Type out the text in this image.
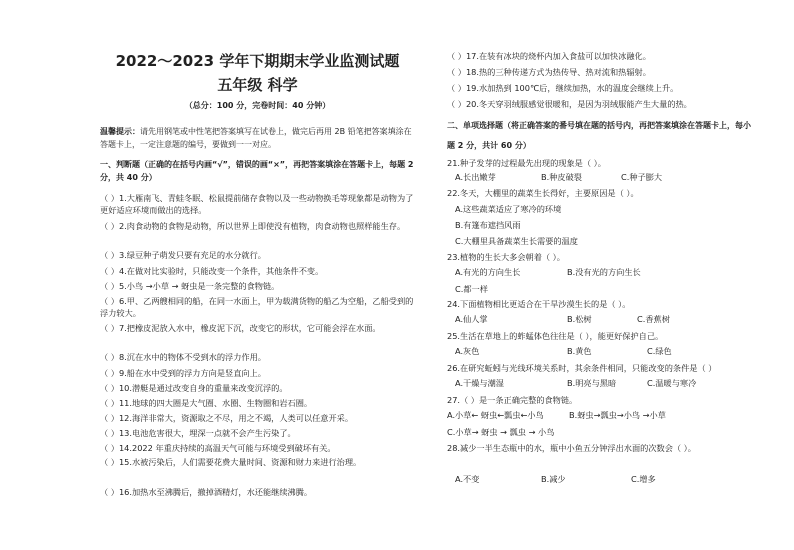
2022～2023 学年下期期末学业监测试题
五年级 科学
（总分：100 分，完卷时间：40 分钟）
温馨提示：请先用钢笔或中性笔把答案填写在试卷上，做完后再用 2B 铅笔把答案填涂在答题卡上，一定注意题的编号，要做到一一对应。
一、判断题（正确的在括号内画“√”，错误的画“×”，再把答案填涂在答题卡上，每题 2 分，共 40 分）
（ ）1.大雁南飞、青蛙冬眠、松鼠提前储存食物以及一些动物换毛等现象都是动物为了更好适应环境而做出的选择。
（ ）2.肉食动物的食物是动物，所以世界上即使没有植物，肉食动物也照样能生存。
（ ）3.绿豆种子萌发只要有充足的水分就行。
（ ）4.在做对比实验时，只能改变一个条件，其他条件不变。
（ ）5.小鸟 →小草 → 蚜虫是一条完整的食物链。
（ ）6.甲、乙两艘相同的船，在同一水面上，甲为载满货物的船乙为空船，乙船受到的浮力较大。
（ ）7.把橡皮泥放入水中，橡皮泥下沉，改变它的形状，它可能会浮在水面。
（ ）8.沉在水中的物体不受到水的浮力作用。
（ ）9.船在水中受到的浮力方向是竖直向上。
（ ）10.潜艇是通过改变自身的重量来改变沉浮的。
（ ）11.地球的四大圈是大气圈、水圈、生物圈和岩石圈。
（ ）12.海洋非常大，资源取之不尽，用之不竭，人类可以任意开采。
（ ）13.电池危害很大，埋深一点就不会产生污染了。
（ ）14.2022 年重庆持续的高温天气可能与环境受到破坏有关。
（ ）15.水被污染后，人们需要花费大量时间、资源和财力来进行治理。
（ ）16.加热水至沸腾后，撤掉酒精灯，水还能继续沸腾。
（ ）17.在装有冰块的烧杯内加入食盐可以加快冰融化。
（ ）18.热的三种传递方式为热传导、热对流和热辐射。
（ ）19.水加热到 100℃后，继续加热，水的温度会继续上升。
（ ）20.冬天穿羽绒服感觉很暖和，是因为羽绒服能产生大量的热。
二、单项选择题（将正确答案的番号填在题的括号内，再把答案填涂在答题卡上，每小题 2 分，共计 60 分）
21.种子发芽的过程最先出现的现象是（ ）。
A.长出嫩芽	B.种皮破裂	C.种子膨大
22.冬天，大棚里的蔬菜生长得好，主要原因是（ ）。
A.这些蔬菜适应了寒冷的环境
B.有篷布遮挡风雨
C.大棚里具备蔬菜生长需要的温度
23.植物的生长大多会朝着（ ）。
A.有光的方向生长	B.没有光的方向生长
C.都一样
24.下面植物相比更适合在干旱沙漠生长的是（ ）。
A.仙人掌	B.松树	C.香蕉树
25.生活在草地上的蚱蜢体色往往是（ ），能更好保护自己。
A.灰色	B.黄色	C.绿色
26.在研究蚯蚓与光线环境关系时，其余条件相同，只能改变的条件是（ ）
A.干燥与潮湿	B.明亮与黑暗	C.温暖与寒冷
27.（ ）是一条正确完整的食物链。
A.小草← 蚜虫←瓢虫←小鸟	B.蚜虫→瓢虫→小鸟 →小草
C.小草→ 蚜虫 → 瓢虫 → 小鸟
28.减少一半生态瓶中的水，瓶中小鱼五分钟浮出水面的次数会（ ）。
A.不变	B.减少	C.增多
